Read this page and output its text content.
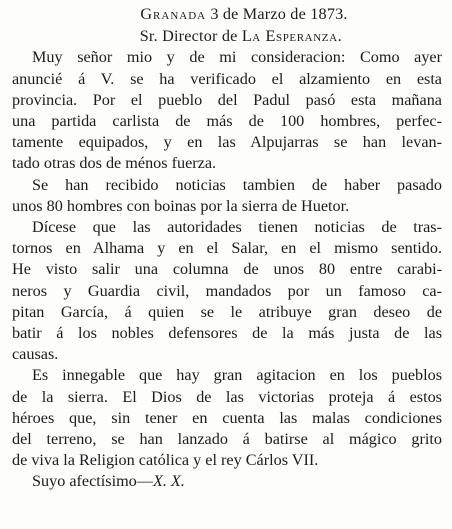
Granada 3 de Marzo de 1873.
Sr. Director de La Esperanza.

Muy señor mio y de mi consideracion: Como ayer
anuncié á V. se ha verificado el alzamiento en esta
provincia. Por el pueblo del Padul pasó esta mañana
una partida carlista de más de 100 hombres, perfec-
tamente equipados, y en las Alpujarras se han levan-
tado otras dos de ménos fuerza.

Se han recibido noticias tambien de haber pasado
unos 80 hombres con boinas por la sierra de Huetor.

Dícese que las autoridades tienen noticias de tras-
tornos en Alhama y en el Salar, en el mismo sentido.
He visto salir una columna de unos 80 entre carabi-
neros y Guardia civil, mandados por un famoso ca-
pitan García, á quien se le atribuye gran deseo de
batir á los nobles defensores de la más justa de las
causas.

Es innegable que hay gran agitacion en los pueblos
de la sierra. El Dios de las victorias proteja á estos
héroes que, sin tener en cuenta las malas condiciones
del terreno, se han lanzado á batirse al mágico grito
de viva la Religion católica y el rey Cárlos VII.

Suyo afectísimo—X. X.
